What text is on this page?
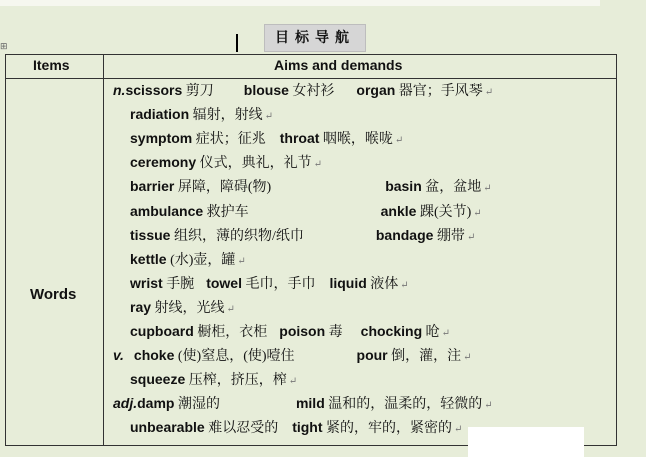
目标导航
⊞
Items	Aims and demands
Words
n.scissors 剪刀 blouse 女衬衫 organ 器官；手风琴 ↵
radiation 辐射，射线 ↵
symptom 症状；征兆 throat 咽喉，喉咙 ↵
ceremony 仪式，典礼，礼节 ↵
barrier 屏障，障碍(物)	basin 盆，盆地 ↵
ambulance 救护车	ankle 踝(关节) ↵
tissue 组织，薄的织物/纸巾	bandage 绷带 ↵
kettle (水)壶，罐 ↵
wrist 手腕 towel 毛巾，手巾 liquid 液体 ↵
ray 射线，光线 ↵
cupboard 橱柜，衣柜 poison 毒 chocking 呛 ↵
v. choke (使)窒息，(使)噎住	pour 倒，灌，注 ↵
squeeze 压榨，挤压，榨 ↵
adj.damp 潮湿的	mild 温和的，温柔的，轻微的 ↵
unbearable 难以忍受的 tight 紧的，牢的，紧密的 ↵
